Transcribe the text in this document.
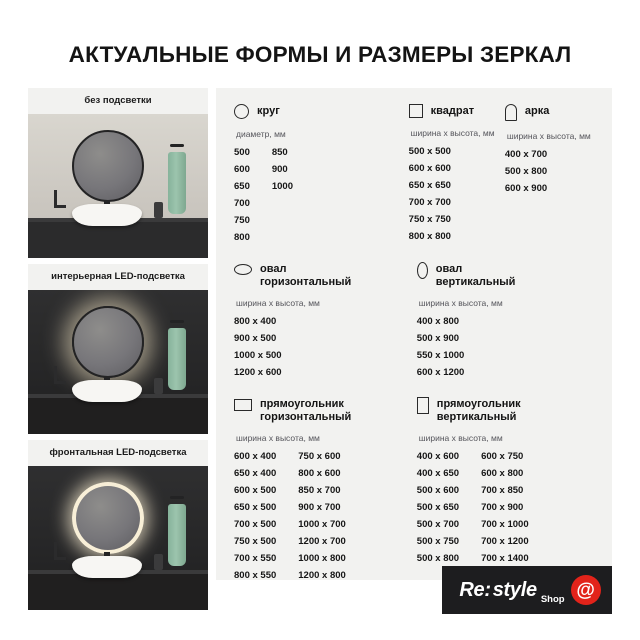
АКТУАЛЬНЫЕ ФОРМЫ И РАЗМЕРЫ ЗЕРКАЛ
без подсветки
интерьерная LED-подсветка
фронтальная LED-подсветка
круг
диаметр, мм
500
600
650
700
750
800
850
900
1000
квадрат
ширина x высота, мм
500 x 500
600 x 600
650 x 650
700 x 700
750 x 750
800 x 800
арка
ширина x высота, мм
400 x 700
500 x 800
600 x 900
овал
горизонтальный
ширина x высота, мм
800 x 400
900 x 500
1000 x 500
1200 x 600
овал
вертикальный
ширина x высота, мм
400 x 800
500 x 900
550 x 1000
600 x 1200
прямоугольник
горизонтальный
ширина x высота, мм
600 x 400
650 x 400
600 x 500
650 x 500
700 x 500
750 x 500
700 x 550
800 x 550
750 x 600
800 x 600
850 x 700
900 x 700
1000 x 700
1200 x 700
1000 x 800
1200 x 800
прямоугольник
вертикальный
ширина x высота, мм
400 x 600
400 x 650
500 x 600
500 x 650
500 x 700
500 x 750
500 x 800
600 x 750
600 x 800
700 x 850
700 x 900
700 x 1000
700 x 1200
700 x 1400
Re: style Shop @
